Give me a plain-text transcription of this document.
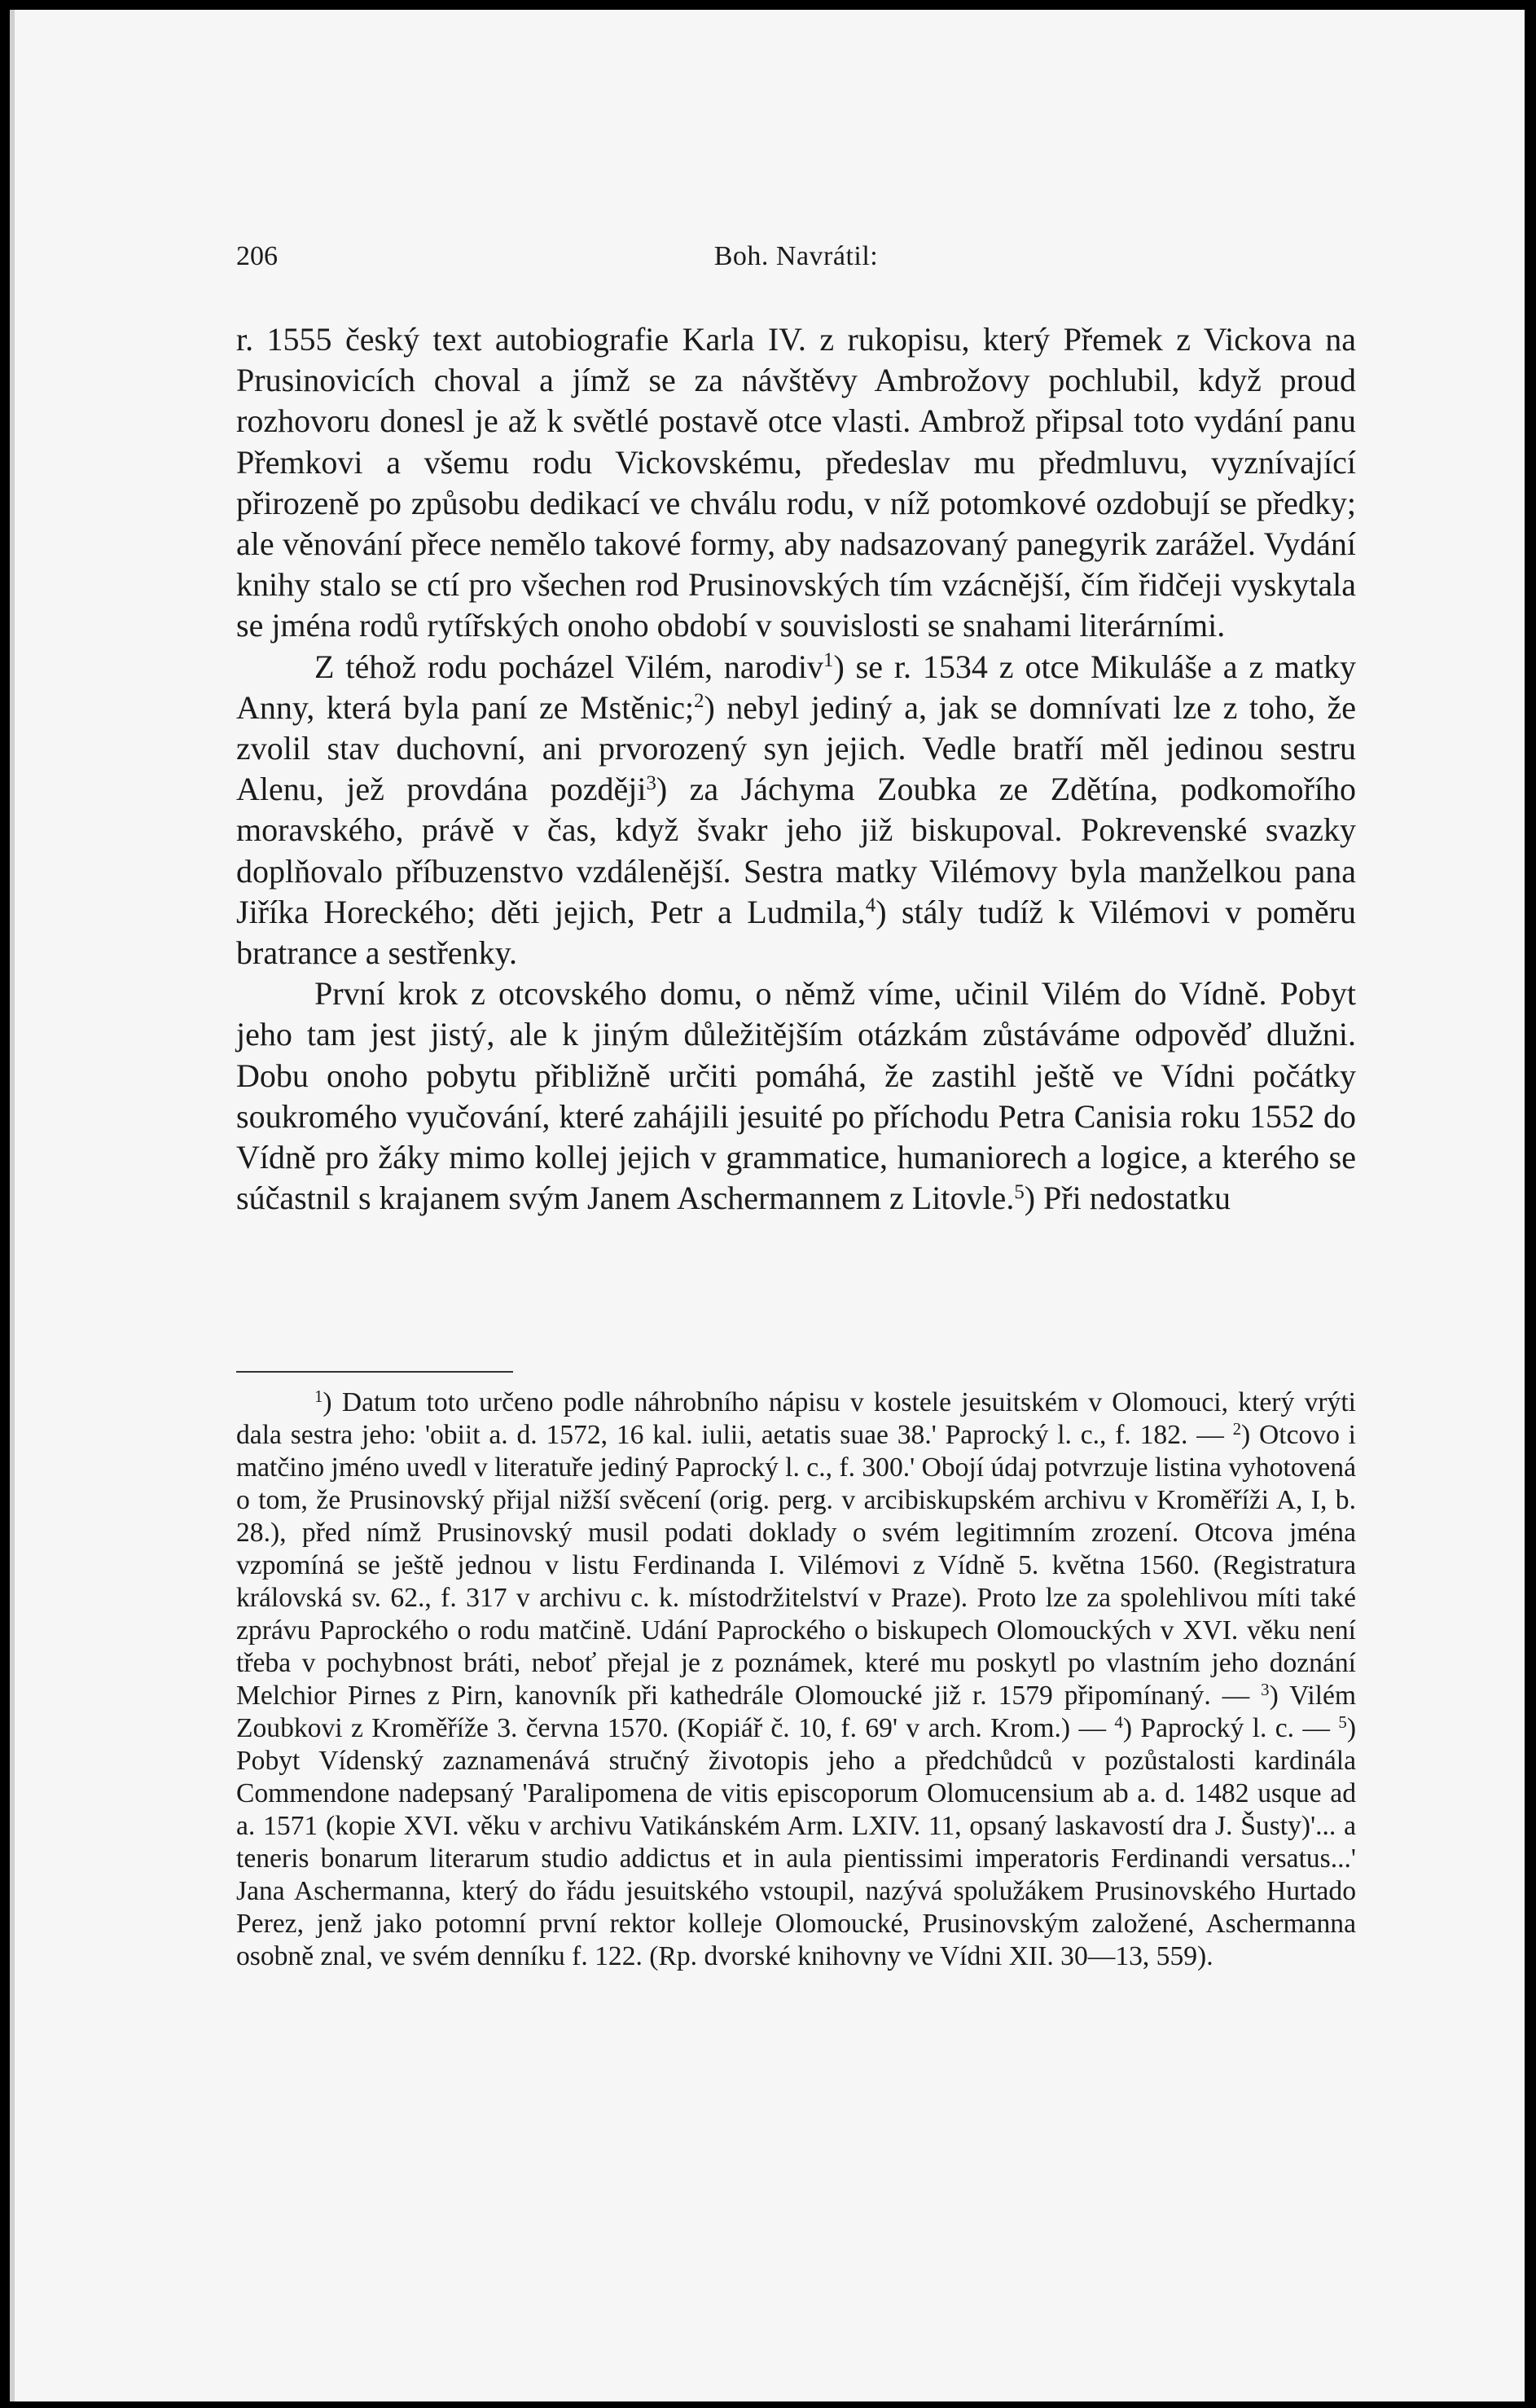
206	Boh. Navrátil:

r. 1555 český text autobiografie Karla IV. z rukopisu, který Přemek z Vickova na Prusinovicích choval a jímž se za návštěvy Ambrožovy pochlubil, když proud rozhovoru donesl je až k světlé postavě otce vlasti. Ambrož připsal toto vydání panu Přemkovi a všemu rodu Vickovskému, předeslav mu předmluvu, vyznívající přirozeně po způsobu dedikací ve chválu rodu, v níž potomkové ozdobují se předky; ale věnování přece nemělo takové formy, aby nadsazovaný panegyrik zarážel. Vydání knihy stalo se ctí pro všechen rod Prusinovských tím vzácnější, čím řidčeji vyskytala se jména rodů rytířských onoho období v souvislosti se snahami literárními.

Z téhož rodu pocházel Vilém, narodiv$^1$) se r. 1534 z otce Mikuláše a z matky Anny, která byla paní ze Mstěnic;$^2$) nebyl jediný a, jak se domnívati lze z toho, že zvolil stav duchovní, ani prvorozený syn jejich. Vedle bratří měl jedinou sestru Alenu, jež provdána později$^3$) za Jáchyma Zoubka ze Zdětína, podkomořího moravského, právě v čas, když švakr jeho již biskupoval. Pokrevenské svazky doplňovalo příbuzenstvo vzdálenější. Sestra matky Vilémovy byla manželkou pana Jiříka Horeckého; děti jejich, Petr a Ludmila,$^4$) stály tudíž k Vilémovi v poměru bratrance a sestřenky.

První krok z otcovského domu, o němž víme, učinil Vilém do Vídně. Pobyt jeho tam jest jistý, ale k jiným důležitějším otázkám zůstáváme odpověď dlužni. Dobu onoho pobytu přibližně určiti pomáhá, že zastihl ještě ve Vídni počátky soukromého vyučování, které zahájili jesuité po příchodu Petra Canisia roku 1552 do Vídně pro žáky mimo kollej jejich v grammatice, humaniorech a logice, a kterého se súčastnil s krajanem svým Janem Aschermannem z Litovle.$^5$) Při nedostatku

$^1$) Datum toto určeno podle náhrobního nápisu v kostele jesuitském v Olomouci, který vrýti dala sestra jeho: 'obiit a. d. 1572, 16 kal. iulii, aetatis suae 38.' Paprocký l. c., f. 182. — $^2$) Otcovo i matčino jméno uvedl v literatuře jediný Paprocký l. c., f. 300.' Obojí údaj potvrzuje listina vyhotovená o tom, že Prusinovský přijal nižší svěcení (orig. perg. v arcibiskupském archivu v Kroměříži A, I, b. 28.), před nímž Prusinovský musil podati doklady o svém legitimním zrození. Otcova jména vzpomíná se ještě jednou v listu Ferdinanda I. Vilémovi z Vídně 5. května 1560. (Registratura královská sv. 62., f. 317 v archivu c. k. místodržitelství v Praze). Proto lze za spolehlivou míti také zprávu Paprockého o rodu matčině. Udání Paprockého o biskupech Olomouckých v XVI. věku není třeba v pochybnost bráti, neboť přejal je z poznámek, které mu poskytl po vlastním jeho doznání Melchior Pirnes z Pirn, kanovník při kathedrále Olomoucké již r. 1579 připomínaný. — $^3$) Vilém Zoubkovi z Kroměříže 3. června 1570. (Kopiář č. 10, f. 69' v arch. Krom.) — $^4$) Paprocký l. c. — $^5$) Pobyt Vídenský zaznamenává stručný životopis jeho a předchůdců v pozůstalosti kardinála Commendone nadepsaný 'Paralipomena de vitis episcoporum Olomucensium ab a. d. 1482 usque ad a. 1571 (kopie XVI. věku v archivu Vatikánském Arm. LXIV. 11, opsaný laskavostí dra J. Šusty)'... a teneris bonarum literarum studio addictus et in aula pientissimi imperatoris Ferdinandi versatus...' Jana Aschermanna, který do řádu jesuitského vstoupil, nazývá spolužákem Prusinovského Hurtado Perez, jenž jako potomní první rektor kolleje Olomoucké, Prusinovským založené, Aschermanna osobně znal, ve svém denníku f. 122. (Rp. dvorské knihovny ve Vídni XII. 30—13, 559).
